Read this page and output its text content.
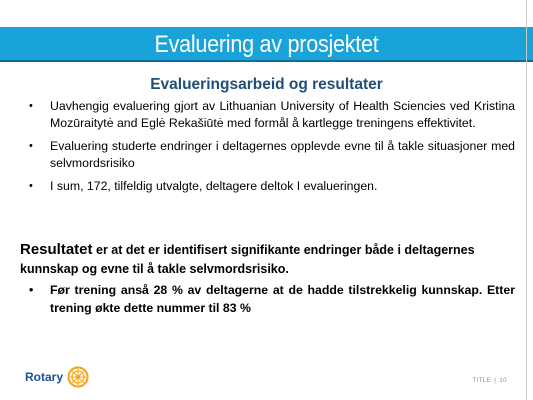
Evaluering av prosjektet
Evalueringsarbeid og resultater
• Uavhengig evaluering gjort av Lithuanian University of Health Sciencies ved Kristina Mozūraitytė and Eglė Rekašiūtė med formål å kartlegge treningens effektivitet.
• Evaluering studerte endringer i deltagernes opplevde evne til å takle situasjoner med selvmordsrisiko
• I sum, 172, tilfeldig utvalgte, deltagere deltok I evalueringen.
Resultatet er at det er identifisert signifikante endringer både i deltagernes kunnskap og evne til å takle selvmordsrisiko.
• Før trening anså 28 % av deltagerne at de hadde tilstrekkelig kunnskap. Etter trening økte dette nummer til 83 %
Rotary	TITLE | 10
